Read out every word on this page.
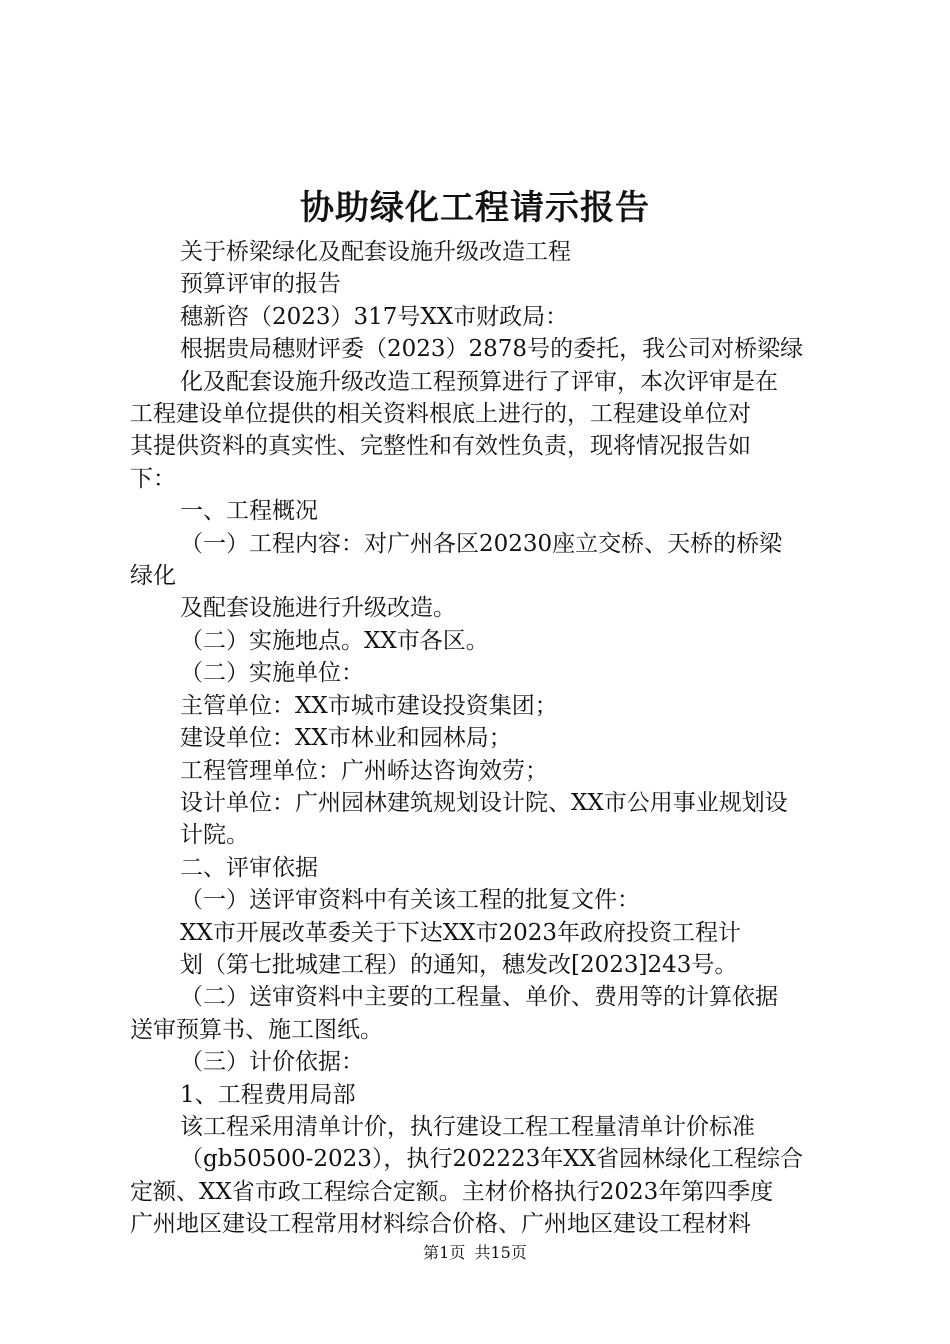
协助绿化工程请示报告

关于桥梁绿化及配套设施升级改造工程

预算评审的报告

穗新咨（2023）317号XX市财政局：

根据贵局穗财评委（2023）2878号的委托，我公司对桥梁绿

化及配套设施升级改造工程预算进行了评审，本次评审是在

工程建设单位提供的相关资料根底上进行的，工程建设单位对

其提供资料的真实性、完整性和有效性负责，现将情况报告如

下：

一、工程概况

（一）工程内容：对广州各区20230座立交桥、天桥的桥梁

绿化

及配套设施进行升级改造。

（二）实施地点。XX市各区。

（二）实施单位：

主管单位：XX市城市建设投资集团；

建设单位：XX市林业和园林局；

工程管理单位：广州峤达咨询效劳；

设计单位：广州园林建筑规划设计院、XX市公用事业规划设

计院。

二、评审依据

（一）送评审资料中有关该工程的批复文件：

XX市开展改革委关于下达XX市2023年政府投资工程计

划（第七批城建工程）的通知，穗发改[2023]243号。

（二）送审资料中主要的工程量、单价、费用等的计算依据

送审预算书、施工图纸。

（三）计价依据：

1、工程费用局部

该工程采用清单计价，执行建设工程工程量清单计价标准

（gb50500-2023），执行202223年XX省园林绿化工程综合

定额、XX省市政工程综合定额。主材价格执行2023年第四季度

广州地区建设工程常用材料综合价格、广州地区建设工程材料

第1页 共15页
